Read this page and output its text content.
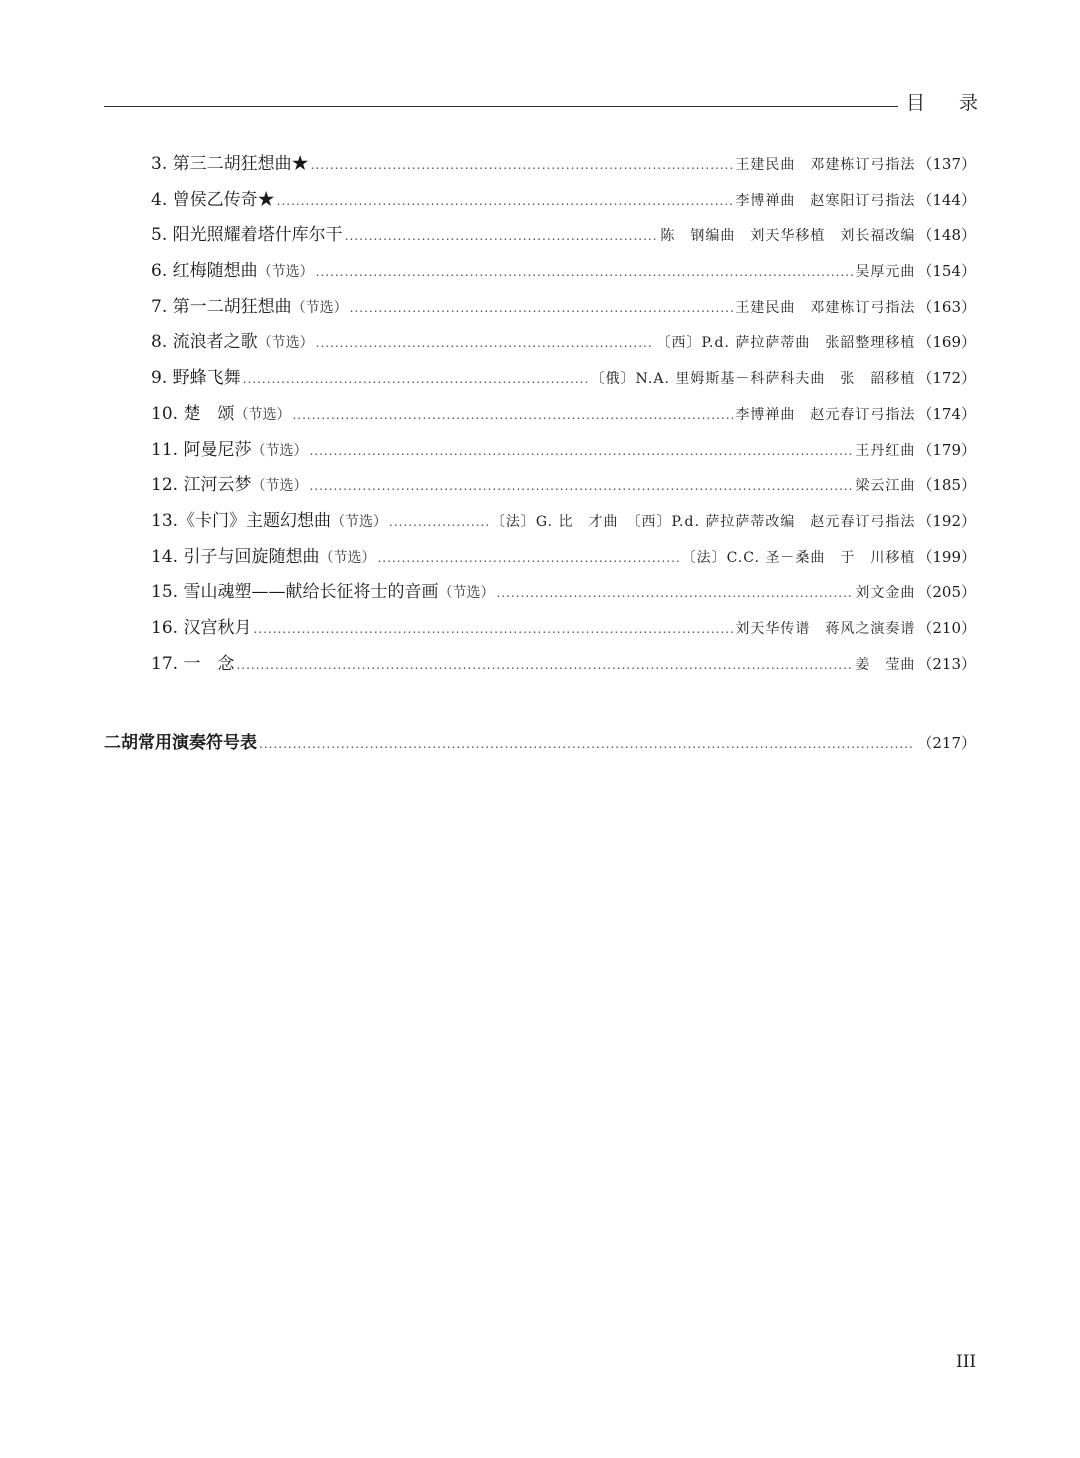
目 录
3. 第三二胡狂想曲★ .....	王建民曲　邓建栋订弓指法 （137）
4. 曾侯乙传奇★ .....	李博禅曲　赵寒阳订弓指法 （144）
5. 阳光照耀着塔什库尔干 .....	陈　钢编曲　刘天华移植　刘长福改编 （148）
6. 红梅随想曲 （节选） .....	吴厚元曲 （154）
7. 第一二胡狂想曲 （节选） .....	王建民曲　邓建栋订弓指法 （163）
8. 流浪者之歌 （节选） .....	〔西〕P.d. 萨拉萨蒂曲　张韶整理移植 （169）
9. 野蜂飞舞 .....	〔俄〕N.A. 里姆斯基－科萨科夫曲　张　韶移植 （172）
10. 楚　颂 （节选） .....	李博禅曲　赵元春订弓指法 （174）
11. 阿曼尼莎 （节选） .....	王丹红曲 （179）
12. 江河云梦 （节选） .....	梁云江曲 （185）
13.《卡门》主题幻想曲 （节选） .....	〔法〕G. 比　才曲　〔西〕P.d. 萨拉萨蒂改编　赵元春订弓指法 （192）
14. 引子与回旋随想曲 （节选） .....	〔法〕C.C. 圣－桑曲　于　川移植 （199）
15. 雪山魂塑——献给长征将士的音画 （节选） .....	刘文金曲 （205）
16. 汉宫秋月 .....	刘天华传谱　蒋风之演奏谱 （210）
17. 一　念 .....	姜　莹曲 （213）
二胡常用演奏符号表 .....	（217）
III
